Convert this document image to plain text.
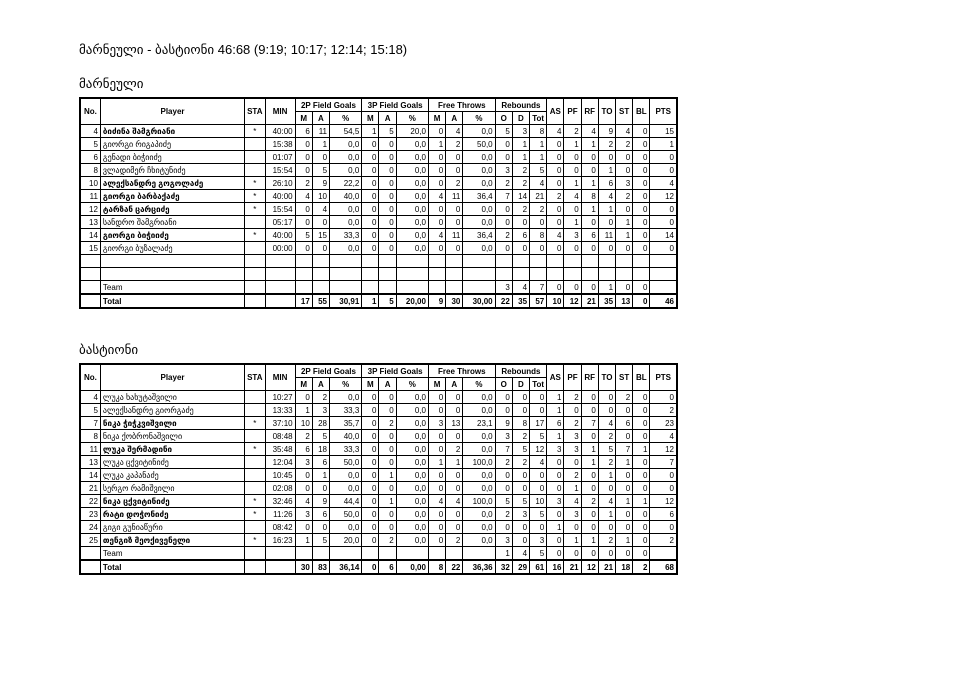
მარნეული - ბასტიონი 46:68 (9:19; 10:17; 12:14; 15:18)
მარნეული
No.	Player	STA	MIN	2P Field Goals			3P Field Goals			Free Throws			Rebounds			AS	PF	RF	TO	ST	BL	PTS
				M	A	%	M	A	%	M	A	%	O	D	Tot							
4	ბიძინა შამგრიანი	*	40:00	6	11	54,5	1	5	20,0	0	4	0,0	5	3	8	4	2	4	9	4	0	15
5	გიორგი რიგაპიძე		15:38	0	1	0,0	0	0	0,0	1	2	50,0	0	1	1	0	1	1	2	2	0	1
6	გენადი ბიჭიიძე		01:07	0	0	0,0	0	0	0,0	0	0	0,0	0	1	1	0	0	0	0	0	0	0
8	ვლადიმერ ჩხიტუნიძე		15:54	0	5	0,0	0	0	0,0	0	0	0,0	3	2	5	0	0	0	1	0	0	0
10	ალექსანდრე გოგოლაძე	*	26:10	2	9	22,2	0	0	0,0	0	2	0,0	2	2	4	0	1	1	6	3	0	4
11	გიორგი ბარბაქაძე	*	40:00	4	10	40,0	0	0	0,0	4	11	36,4	7	14	21	2	4	8	4	2	0	12
12	ტარზან ცარციძე	*	15:54	0	4	0,0	0	0	0,0	0	0	0,0	0	2	2	0	0	1	1	0	0	0
13	სანდრო შამგრიანი		05:17	0	0	0,0	0	0	0,0	0	0	0,0	0	0	0	0	1	0	0	1	0	0
14	გიორგი ბიჭიიძე	*	40:00	5	15	33,3	0	0	0,0	4	11	36,4	2	6	8	4	3	6	11	1	0	14
15	გიორგი ბუზალაძე		00:00	0	0	0,0	0	0	0,0	0	0	0,0	0	0	0	0	0	0	0	0	0	0

	Team												3	4	7	0	0	0	1	0	0	
	Total			17	55	30,91	1	5	20,00	9	30	30,00	22	35	57	10	12	21	35	13	0	46
ბასტიონი
No.	Player	STA	MIN	2P Field Goals			3P Field Goals			Free Throws			Rebounds			AS	PF	RF	TO	ST	BL	PTS
				M	A	%	M	A	%	M	A	%	O	D	Tot							
4	ლუკა ხახუტაშვილი		10:27	0	2	0,0	0	0	0,0	0	0	0,0	0	0	0	1	2	0	0	2	0	0
5	ალექსანდრე გიორგაძე		13:33	1	3	33,3	0	0	0,0	0	0	0,0	0	0	0	1	0	0	0	0	0	2
7	ნიკა ჭიჭკვიშვილი	*	37:10	10	28	35,7	0	2	0,0	3	13	23,1	9	8	17	6	2	7	4	6	0	23
8	ნიკა ქობრონაშვილი		08:48	2	5	40,0	0	0	0,0	0	0	0,0	3	2	5	1	3	0	2	0	0	4
11	ლუკა შერმადინი	*	35:48	6	18	33,3	0	0	0,0	0	2	0,0	7	5	12	3	3	1	5	7	1	12
13	ლუკა ცქვიტინიძე		12:04	3	6	50,0	0	0	0,0	1	1	100,0	2	2	4	0	0	1	2	1	0	7
14	ლუკა კაპანაძე		10:45	0	1	0,0	0	1	0,0	0	0	0,0	0	0	0	0	2	0	1	0	0	0
21	სერგო რამიშვილი		02:08	0	0	0,0	0	0	0,0	0	0	0,0	0	0	0	0	1	0	0	0	0	0
22	ნიკა ცქვიტინიძე	*	32:46	4	9	44,4	0	1	0,0	4	4	100,0	5	5	10	3	4	2	4	1	1	12
23	რატი დოჭონიძე	*	11:26	3	6	50,0	0	0	0,0	0	0	0,0	2	3	5	0	3	0	1	0	0	6
24	გიგი გუნიაწური		08:42	0	0	0,0	0	0	0,0	0	0	0,0	0	0	0	1	0	0	0	0	0	0
25	თენგიზ მეოქივენელი	*	16:23	1	5	20,0	0	2	0,0	0	2	0,0	3	0	3	0	1	1	2	1	0	2
	Team												1	4	5	0	0	0	0	0	0	
	Total			30	83	36,14	0	6	0,00	8	22	36,36	32	29	61	16	21	12	21	18	2	68
